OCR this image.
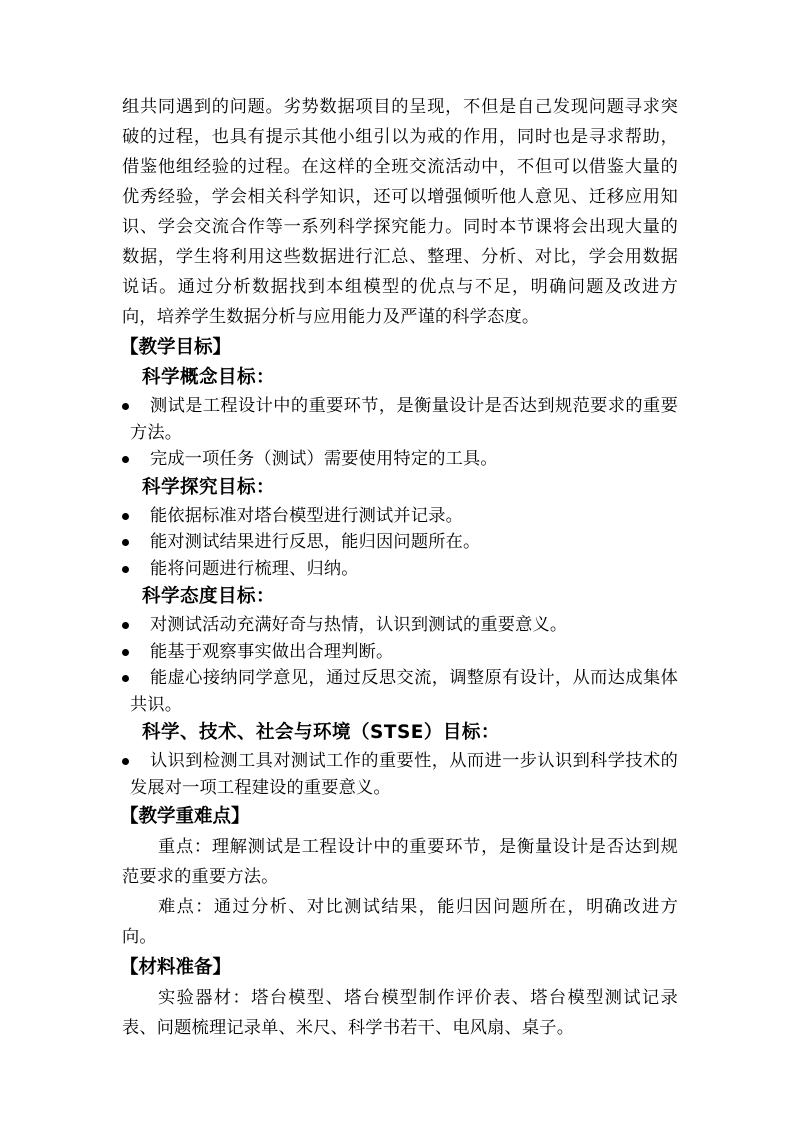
组共同遇到的问题。劣势数据项目的呈现，不但是自己发现问题寻求突破的过程，也具有提示其他小组引以为戒的作用，同时也是寻求帮助，借鉴他组经验的过程。在这样的全班交流活动中，不但可以借鉴大量的优秀经验，学会相关科学知识，还可以增强倾听他人意见、迁移应用知识、学会交流合作等一系列科学探究能力。同时本节课将会出现大量的数据，学生将利用这些数据进行汇总、整理、分析、对比，学会用数据说话。通过分析数据找到本组模型的优点与不足，明确问题及改进方向，培养学生数据分析与应用能力及严谨的科学态度。

【教学目标】
科学概念目标：
测试是工程设计中的重要环节，是衡量设计是否达到规范要求的重要方法。
完成一项任务（测试）需要使用特定的工具。
科学探究目标：
能依据标准对塔台模型进行测试并记录。
能对测试结果进行反思，能归因问题所在。
能将问题进行梳理、归纳。
科学态度目标：
对测试活动充满好奇与热情，认识到测试的重要意义。
能基于观察事实做出合理判断。
能虚心接纳同学意见，通过反思交流，调整原有设计，从而达成集体共识。
科学、技术、社会与环境（STSE）目标：
认识到检测工具对测试工作的重要性，从而进一步认识到科学技术的发展对一项工程建设的重要意义。
【教学重难点】

重点：理解测试是工程设计中的重要环节，是衡量设计是否达到规范要求的重要方法。

难点：通过分析、对比测试结果，能归因问题所在，明确改进方向。

【材料准备】

实验器材：塔台模型、塔台模型制作评价表、塔台模型测试记录表、问题梳理记录单、米尺、科学书若干、电风扇、桌子。
